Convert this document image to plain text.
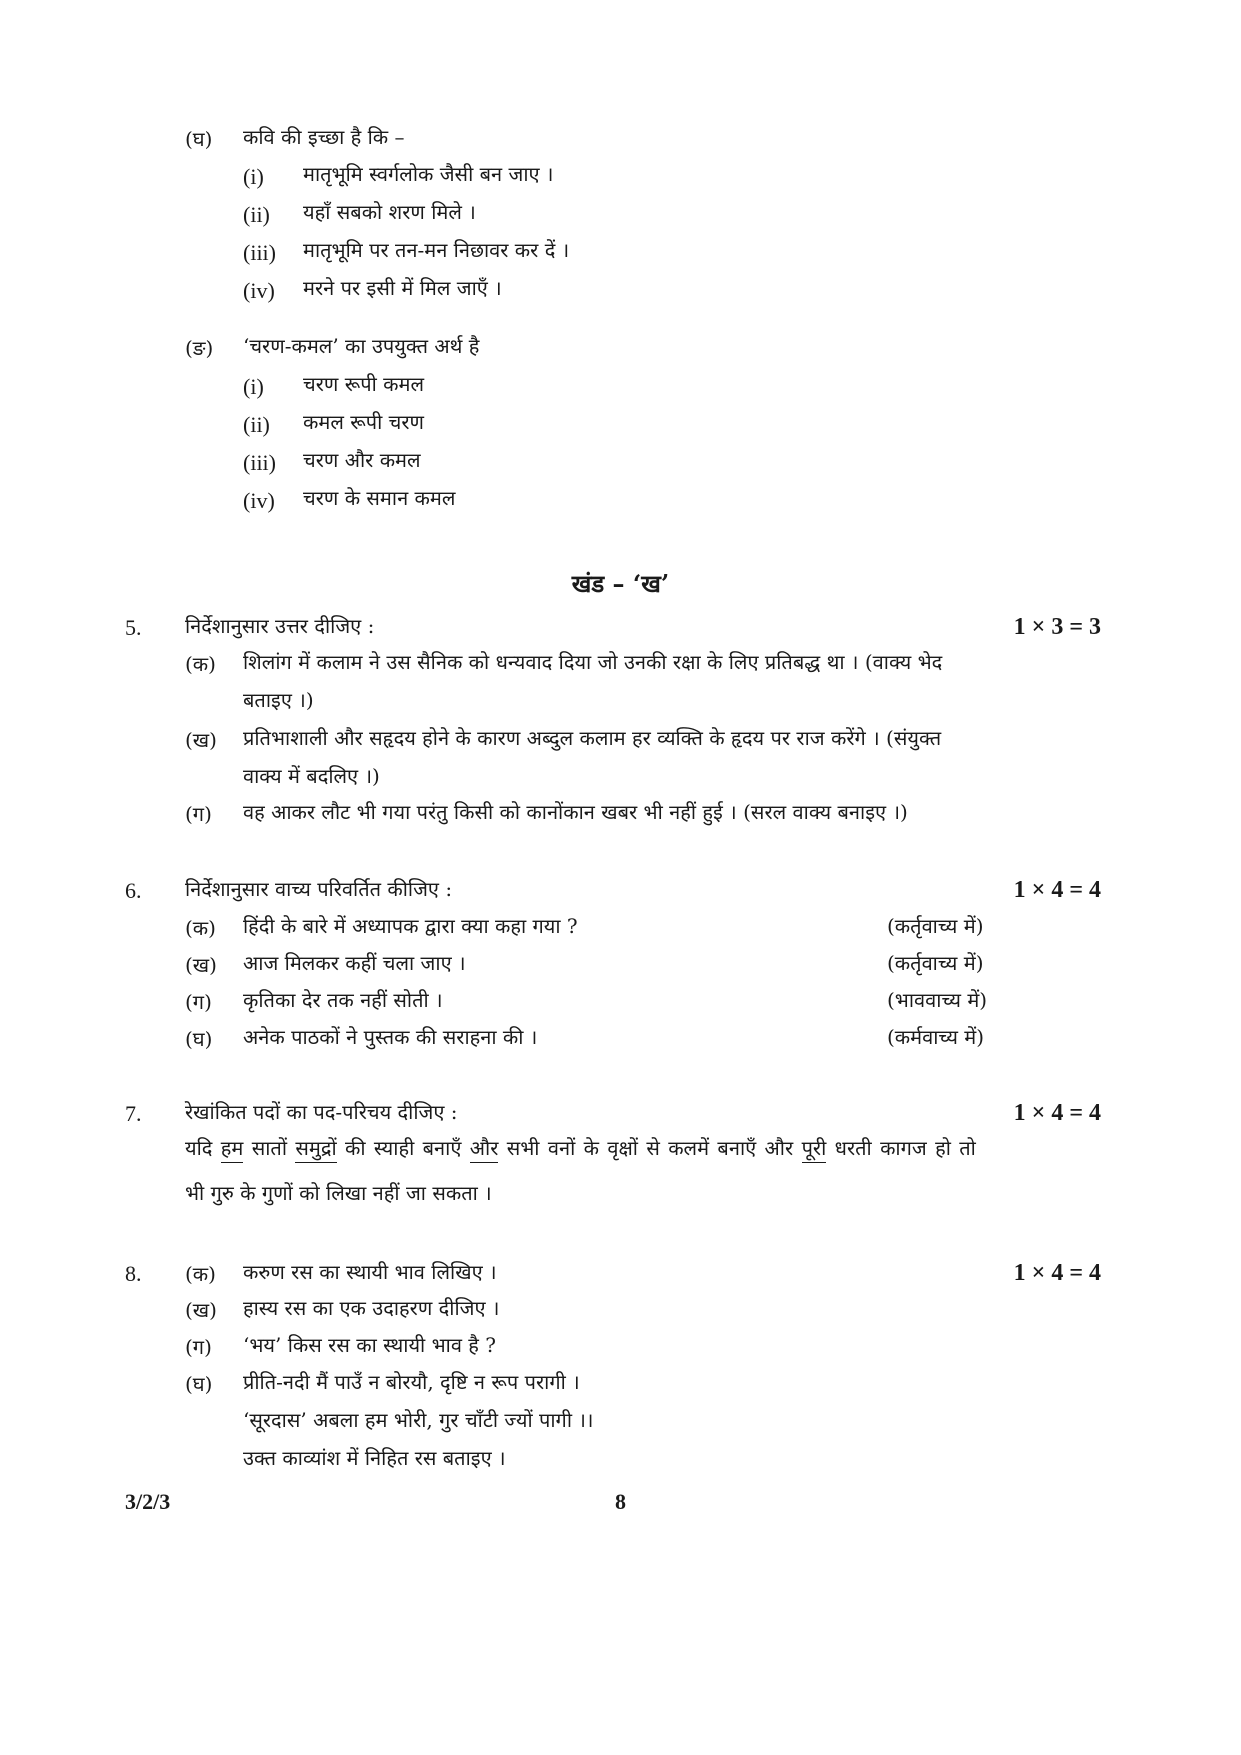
(घ) कवि की इच्छा है कि –
(i) मातृभूमि स्वर्गलोक जैसी बन जाए ।
(ii) यहाँ सबको शरण मिले ।
(iii) मातृभूमि पर तन-मन निछावर कर दें ।
(iv) मरने पर इसी में मिल जाएँ ।
(ङ) ‘चरण-कमल’ का उपयुक्त अर्थ है
(i) चरण रूपी कमल
(ii) कमल रूपी चरण
(iii) चरण और कमल
(iv) चरण के समान कमल
खंड – ‘ख’
5. निर्देशानुसार उत्तर दीजिए :	1 × 3 = 3
(क) शिलांग में कलाम ने उस सैनिक को धन्यवाद दिया जो उनकी रक्षा के लिए प्रतिबद्ध था । (वाक्य भेद
बताइए ।)
(ख) प्रतिभाशाली और सहृदय होने के कारण अब्दुल कलाम हर व्यक्ति के हृदय पर राज करेंगे । (संयुक्त
वाक्य में बदलिए ।)
(ग) वह आकर लौट भी गया परंतु किसी को कानोंकान खबर भी नहीं हुई । (सरल वाक्य बनाइए ।)
6. निर्देशानुसार वाच्य परिवर्तित कीजिए :	1 × 4 = 4
(क) हिंदी के बारे में अध्यापक द्वारा क्या कहा गया ?	(कर्तृवाच्य में)
(ख) आज मिलकर कहीं चला जाए ।	(कर्तृवाच्य में)
(ग) कृतिका देर तक नहीं सोती ।	(भाववाच्य में)
(घ) अनेक पाठकों ने पुस्तक की सराहना की ।	(कर्मवाच्य में)
7. रेखांकित पदों का पद-परिचय दीजिए :	1 × 4 = 4
यदि हम सातों समुद्रों की स्याही बनाएँ और सभी वनों के वृक्षों से कलमें बनाएँ और पूरी धरती कागज हो तो
भी गुरु के गुणों को लिखा नहीं जा सकता ।
8.	1 × 4 = 4
(क) करुण रस का स्थायी भाव लिखिए ।
(ख) हास्य रस का एक उदाहरण दीजिए ।
(ग) ‘भय’ किस रस का स्थायी भाव है ?
(घ) प्रीति-नदी मैं पाउँ न बोरयौ, दृष्टि न रूप परागी ।
‘सूरदास’ अबला हम भोरी, गुर चाँटी ज्यों पागी ।।
उक्त काव्यांश में निहित रस बताइए ।
3/2/3	8
